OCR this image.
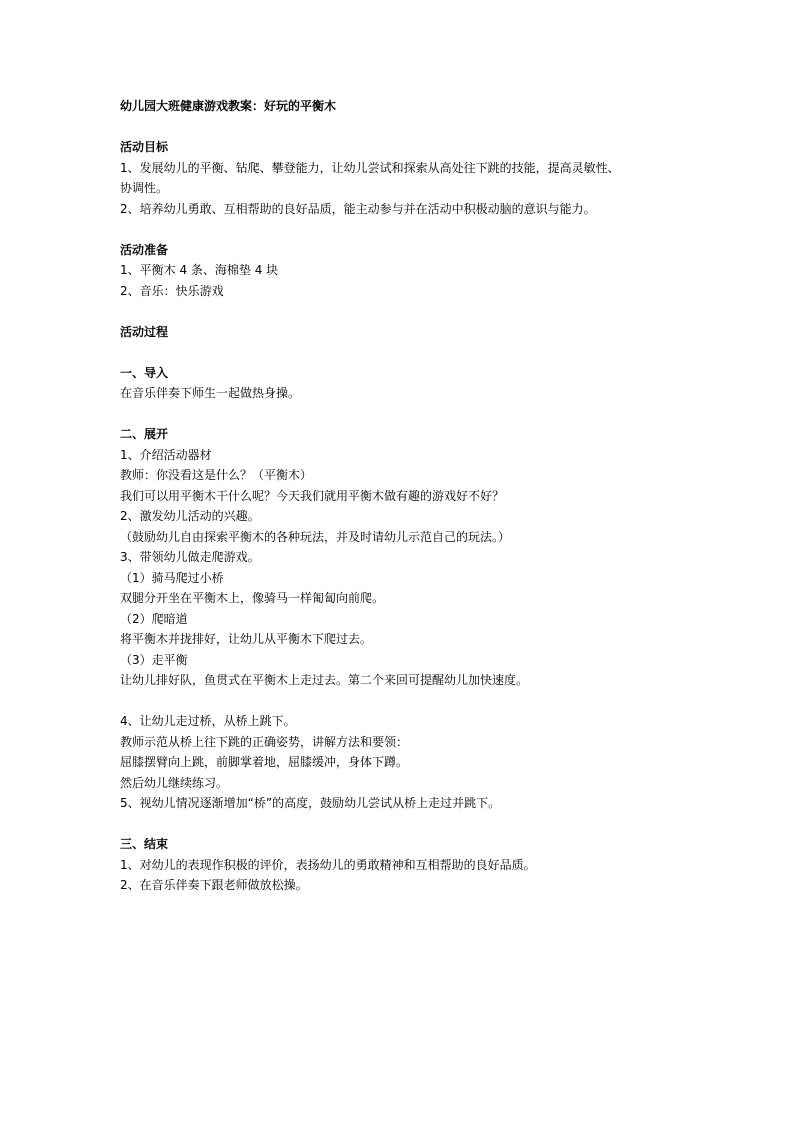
幼儿园大班健康游戏教案：好玩的平衡木
活动目标
1、发展幼儿的平衡、钻爬、攀登能力，让幼儿尝试和探索从高处往下跳的技能，提高灵敏性、
协调性。
2、培养幼儿勇敢、互相帮助的良好品质，能主动参与并在活动中积极动脑的意识与能力。
活动准备
1、平衡木 4 条、海棉垫 4 块
2、音乐：快乐游戏
活动过程
一、导入
在音乐伴奏下师生一起做热身操。
二、展开
1、介绍活动器材
教师：你没看这是什么？（平衡木）
我们可以用平衡木干什么呢？今天我们就用平衡木做有趣的游戏好不好？
2、激发幼儿活动的兴趣。
（鼓励幼儿自由探索平衡木的各种玩法，并及时请幼儿示范自己的玩法。）
3、带领幼儿做走爬游戏。
（1）骑马爬过小桥
双腿分开坐在平衡木上，像骑马一样匍匐向前爬。
（2）爬暗道
将平衡木并拢排好，让幼儿从平衡木下爬过去。
（3）走平衡
让幼儿排好队，鱼贯式在平衡木上走过去。第二个来回可提醒幼儿加快速度。
4、让幼儿走过桥，从桥上跳下。
教师示范从桥上往下跳的正确姿势，讲解方法和要领：
屈膝摆臂向上跳，前脚掌着地，屈膝缓冲，身体下蹲。
然后幼儿继续练习。
5、视幼儿情况逐渐增加“桥”的高度，鼓励幼儿尝试从桥上走过并跳下。
三、结束
1、对幼儿的表现作积极的评价，表扬幼儿的勇敢精神和互相帮助的良好品质。
2、在音乐伴奏下跟老师做放松操。
